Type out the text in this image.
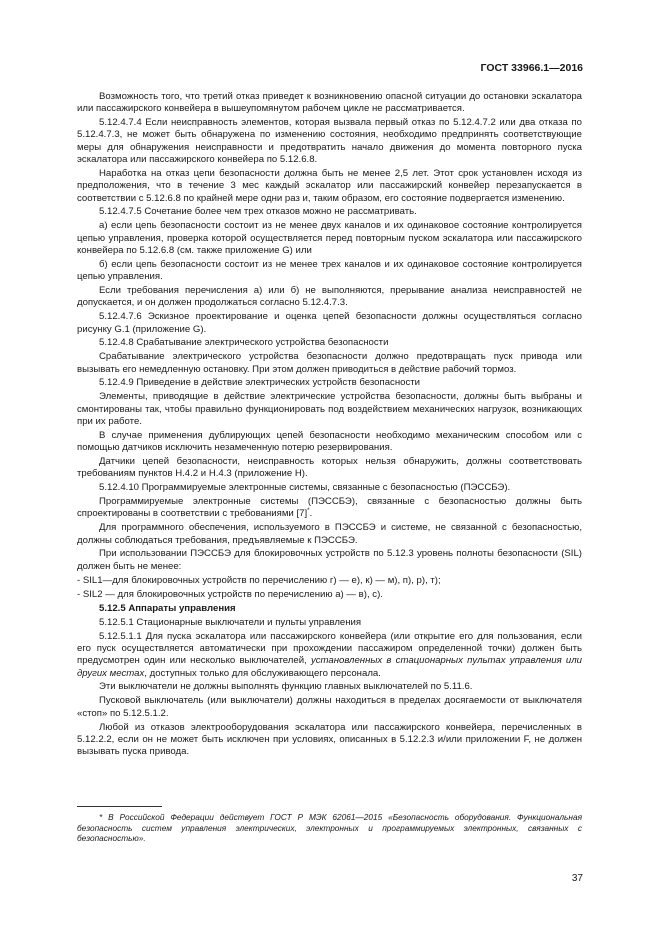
ГОСТ 33966.1—2016

Возможность того, что третий отказ приведет к возникновению опасной ситуации до остановки эскалатора или пассажирского конвейера в вышеупомянутом рабочем цикле не рассматривается.

5.12.4.7.4 Если неисправность элементов, которая вызвала первый отказ по 5.12.4.7.2 или два отказа по 5.12.4.7.3, не может быть обнаружена по изменению состояния, необходимо предпринять соответствующие меры для обнаружения неисправности и предотвратить начало движения до момента повторного пуска эскалатора или пассажирского конвейера по 5.12.6.8.

Наработка на отказ цепи безопасности должна быть не менее 2,5 лет. Этот срок установлен исходя из предположения, что в течение 3 мес каждый эскалатор или пассажирский конвейер перезапускается в соответствии с 5.12.6.8 по крайней мере одни раз и, таким образом, его состояние подвергается изменению.

5.12.4.7.5 Сочетание более чем трех отказов можно не рассматривать.

а) если цепь безопасности состоит из не менее двух каналов и их одинаковое состояние контролируется цепью управления, проверка которой осуществляется перед повторным пуском эскалатора или пассажирского конвейера по 5.12.6.8 (см. также приложение G) или

б) если цепь безопасности состоит из не менее трех каналов и их одинаковое состояние контролируется цепью управления.

Если требования перечисления а) или б) не выполняются, прерывание анализа неисправностей не допускается, и он должен продолжаться согласно 5.12.4.7.3.

5.12.4.7.6 Эскизное проектирование и оценка цепей безопасности должны осуществляться согласно рисунку G.1 (приложение G).

5.12.4.8 Срабатывание электрического устройства безопасности

Срабатывание электрического устройства безопасности должно предотвращать пуск привода или вызывать его немедленную остановку. При этом должен приводиться в действие рабочий тормоз.

5.12.4.9 Приведение в действие электрических устройств безопасности

Элементы, приводящие в действие электрические устройства безопасности, должны быть выбраны и смонтированы так, чтобы правильно функционировать под воздействием механических нагрузок, возникающих при их работе.

В случае применения дублирующих цепей безопасности необходимо механическим способом или с помощью датчиков исключить незамеченную потерю резервирования.

Датчики цепей безопасности, неисправность которых нельзя обнаружить, должны соответствовать требованиям пунктов Н.4.2 и Н.4.3 (приложение Н).

5.12.4.10 Программируемые электронные системы, связанные с безопасностью (ПЭССБЭ).

Программируемые электронные системы (ПЭССБЭ), связанные с безопасностью должны быть спроектированы в соответствии с требованиями [7]*.

Для программного обеспечения, используемого в ПЭССБЭ и системе, не связанной с безопасностью, должны соблюдаться требования, предъявляемые к ПЭССБЭ.

При использовании ПЭССБЭ для блокировочных устройств по 5.12.3 уровень полноты безопасности (SIL) должен быть не менее:

- SIL1—для блокировочных устройств по перечислению г) — е), к) — м), п), р), т);

- SIL2 — для блокировочных устройств по перечислению а) — в), с).

5.12.5 Аппараты управления

5.12.5.1 Стационарные выключатели и пульты управления

5.12.5.1.1 Для пуска эскалатора или пассажирского конвейера (или открытие его для пользования, если его пуск осуществляется автоматически при прохождении пассажиром определенной точки) должен быть предусмотрен один или несколько выключателей, установленных в стационарных пультах управления или других местах, доступных только для обслуживающего персонала.

Эти выключатели не должны выполнять функцию главных выключателей по 5.11.6.

Пусковой выключатель (или выключатели) должны находиться в пределах досягаемости от выключателя «стоп» по 5.12.5.1.2.

Любой из отказов электрооборудования эскалатора или пассажирского конвейера, перечисленных в 5.12.2.2, если он не может быть исключен при условиях, описанных в 5.12.2.3 и/или приложении F, не должен вызывать пуска привода.

* В Российской Федерации действует ГОСТ Р МЭК 62061—2015 «Безопасность оборудования. Функциональная безопасность систем управления электрических, электронных и программируемых электронных, связанных с безопасностью».
37
